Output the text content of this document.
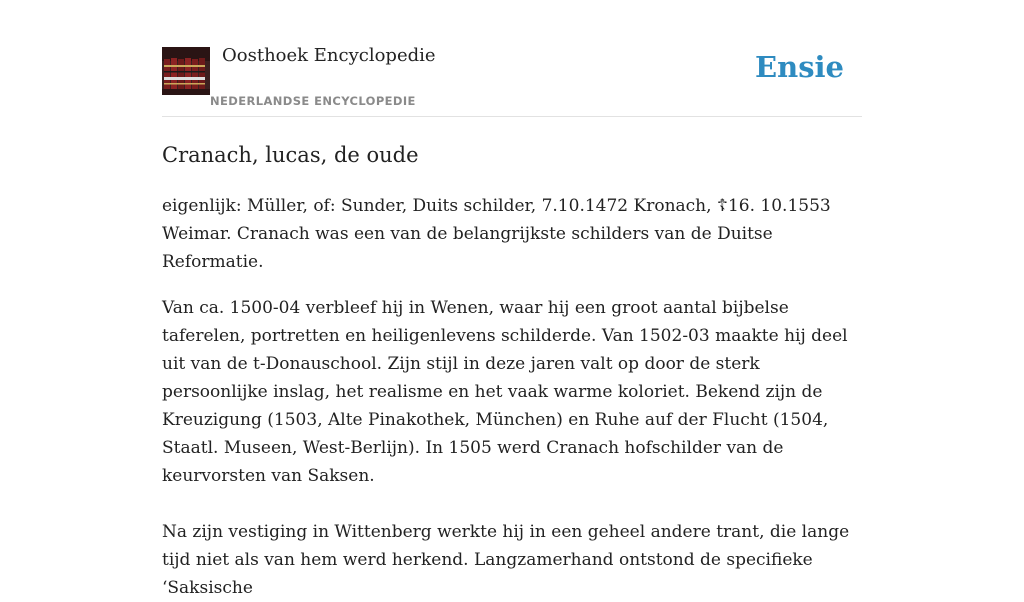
Oosthoek Encyclopedie
NEDERLANDSE ENCYCLOPEDIE
Ensie
Cranach, lucas, de oude

eigenlijk: Müller, of: Sunder, Duits schilder, 7.10.1472 Kronach, ☦16. 10.1553 Weimar. Cranach was een van de belangrijkste schilders van de Duitse Reformatie.

Van ca. 1500-04 verbleef hij in Wenen, waar hij een groot aantal bijbelse taferelen, portretten en heiligenlevens schilderde. Van 1502-03 maakte hij deel uit van de t-Donauschool. Zijn stijl in deze jaren valt op door de sterk persoonlijke inslag, het realisme en het vaak warme koloriet. Bekend zijn de Kreuzigung (1503, Alte Pinakothek, München) en Ruhe auf der Flucht (1504, Staatl. Museen, West-Berlijn). In 1505 werd Cranach hofschilder van de keurvorsten van Saksen.

Na zijn vestiging in Wittenberg werkte hij in een geheel andere trant, die lange tijd niet als van hem werd herkend. Langzamerhand ontstond de specifieke ‘Saksische
